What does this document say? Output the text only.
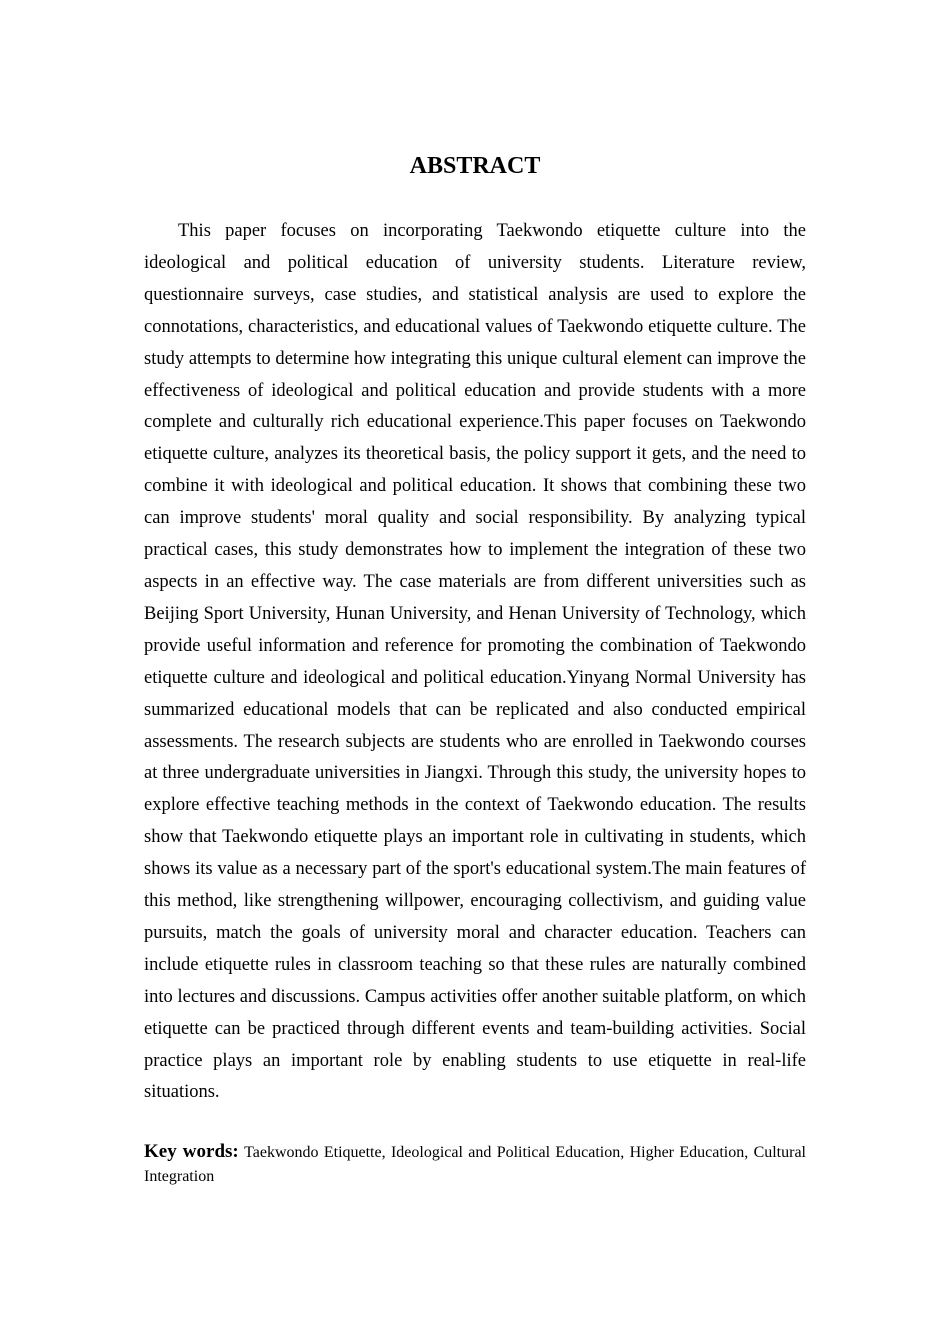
ABSTRACT

This paper focuses on incorporating Taekwondo etiquette culture into the ideological and political education of university students. Literature review, questionnaire surveys, case studies, and statistical analysis are used to explore the connotations, characteristics, and educational values of Taekwondo etiquette culture. The study attempts to determine how integrating this unique cultural element can improve the effectiveness of ideological and political education and provide students with a more complete and culturally rich educational experience.This paper focuses on Taekwondo etiquette culture, analyzes its theoretical basis, the policy support it gets, and the need to combine it with ideological and political education. It shows that combining these two can improve students' moral quality and social responsibility. By analyzing typical practical cases, this study demonstrates how to implement the integration of these two aspects in an effective way. The case materials are from different universities such as Beijing Sport University, Hunan University, and Henan University of Technology, which provide useful information and reference for promoting the combination of Taekwondo etiquette culture and ideological and political education.Yinyang Normal University has summarized educational models that can be replicated and also conducted empirical assessments. The research subjects are students who are enrolled in Taekwondo courses at three undergraduate universities in Jiangxi. Through this study, the university hopes to explore effective teaching methods in the context of Taekwondo education. The results show that Taekwondo etiquette plays an important role in cultivating in students, which shows its value as a necessary part of the sport's educational system.The main features of this method, like strengthening willpower, encouraging collectivism, and guiding value pursuits, match the goals of university moral and character education. Teachers can include etiquette rules in classroom teaching so that these rules are naturally combined into lectures and discussions. Campus activities offer another suitable platform, on which etiquette can be practiced through different events and team-building activities. Social practice plays an important role by enabling students to use etiquette in real-life situations.

Key words: Taekwondo Etiquette, Ideological and Political Education, Higher Education, Cultural Integration
